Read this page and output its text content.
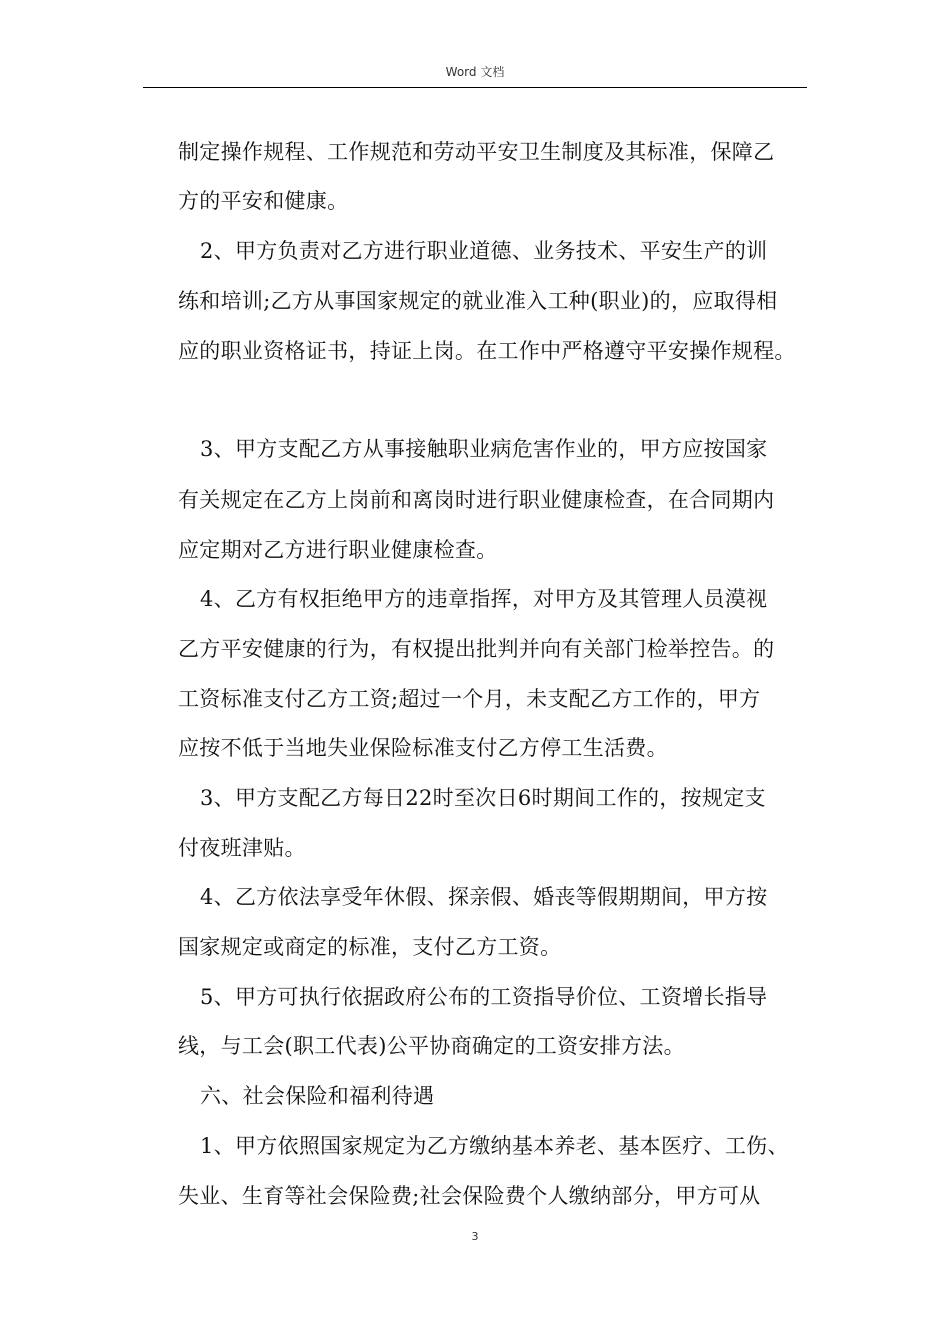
Word 文档
制定操作规程、工作规范和劳动平安卫生制度及其标准，保障乙
方的平安和健康。
2、甲方负责对乙方进行职业道德、业务技术、平安生产的训
练和培训;乙方从事国家规定的就业准入工种(职业)的，应取得相
应的职业资格证书，持证上岗。在工作中严格遵守平安操作规程。
3、甲方支配乙方从事接触职业病危害作业的，甲方应按国家
有关规定在乙方上岗前和离岗时进行职业健康检查，在合同期内
应定期对乙方进行职业健康检查。
4、乙方有权拒绝甲方的违章指挥，对甲方及其管理人员漠视
乙方平安健康的行为，有权提出批判并向有关部门检举控告。的
工资标准支付乙方工资;超过一个月，未支配乙方工作的，甲方
应按不低于当地失业保险标准支付乙方停工生活费。
3、甲方支配乙方每日22时至次日6时期间工作的，按规定支
付夜班津贴。
4、乙方依法享受年休假、探亲假、婚丧等假期期间，甲方按
国家规定或商定的标准，支付乙方工资。
5、甲方可执行依据政府公布的工资指导价位、工资增长指导
线，与工会(职工代表)公平协商确定的工资安排方法。
六、社会保险和福利待遇
1、甲方依照国家规定为乙方缴纳基本养老、基本医疗、工伤、
失业、生育等社会保险费;社会保险费个人缴纳部分，甲方可从
3
